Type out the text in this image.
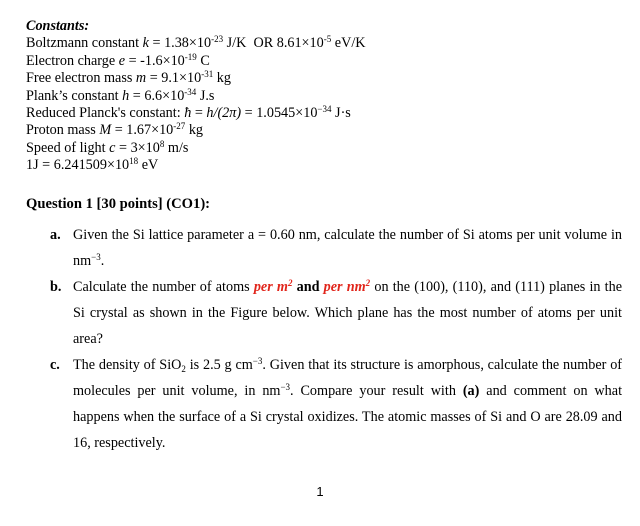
Constants:
Boltzmann constant $k = 1.38\times 10^{-23}$ J/K OR $8.61\times 10^{-5}$ eV/K
Electron charge $e = -1.6\times 10^{-19}$ C
Free electron mass $m = 9.1\times 10^{-31}$ kg
Plank’s constant $h = 6.6\times 10^{-34}$ J.s
Reduced Planck's constant: ħ = $h/(2\pi) = 1.0545\times 10^{-34}$ J·s
Proton mass $M = 1.67\times 10^{-27}$ kg
Speed of light $c = 3\times 10^8$ m/s
$1J = 6.241509\times 10^{18}$ eV
Question 1 [30 points] (CO1):
a. Given the Si lattice parameter a = 0.60 nm, calculate the number of Si atoms per unit volume in $nm^{-3}$.
b. Calculate the number of atoms per $m^2$ and per $nm^2$ on the (100), (110), and (111) planes in the Si crystal as shown in the Figure below. Which plane has the most number of atoms per unit area?
c. The density of SiO$_2$ is 2.5 g $cm^{-3}$. Given that its structure is amorphous, calculate the number of molecules per unit volume, in $nm^{-3}$. Compare your result with (a) and comment on what happens when the surface of a Si crystal oxidizes. The atomic masses of Si and O are 28.09 and 16, respectively.
1
